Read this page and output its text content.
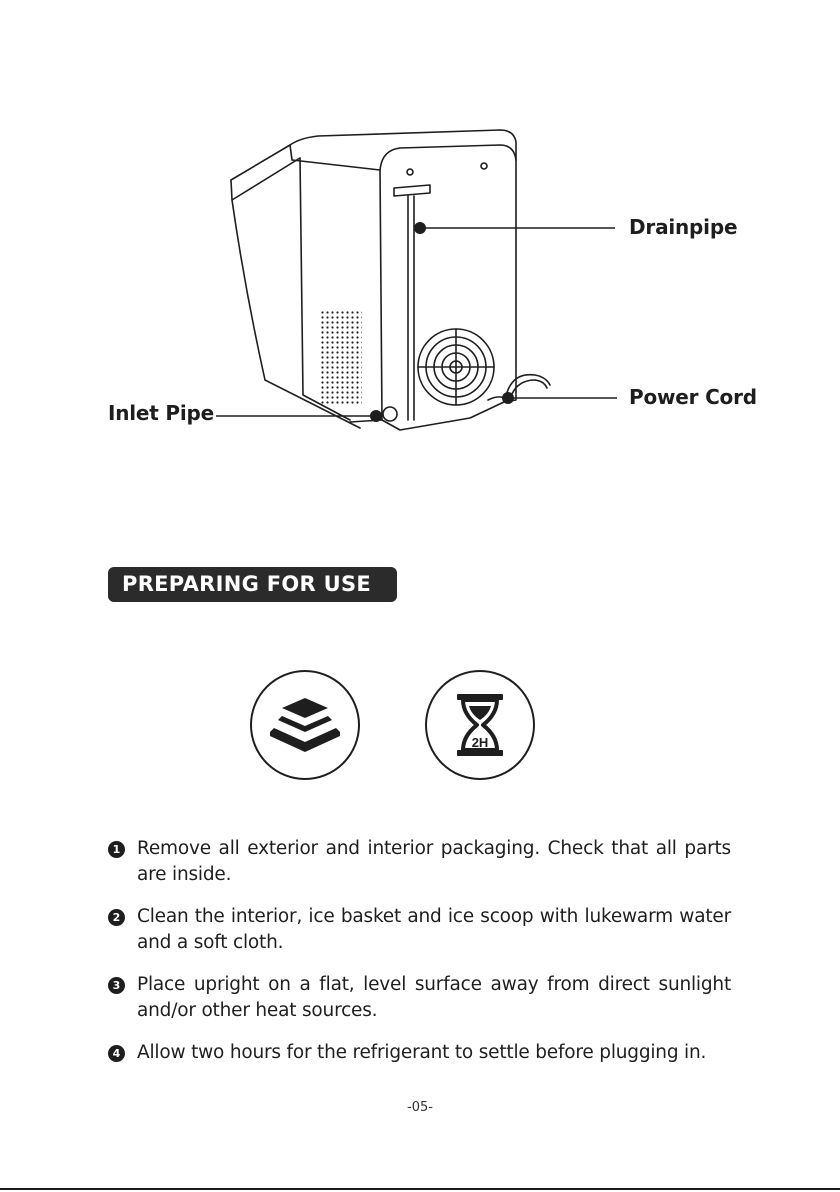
Drainpipe
Power Cord
Inlet Pipe
PREPARING FOR USE
2H
1 Remove all exterior and interior packaging. Check that all parts are inside.
2 Clean the interior, ice basket and ice scoop with lukewarm water and a soft cloth.
3 Place upright on a flat, level surface away from direct sunlight and/or other heat sources.
4 Allow two hours for the refrigerant to settle before plugging in.
-05-
